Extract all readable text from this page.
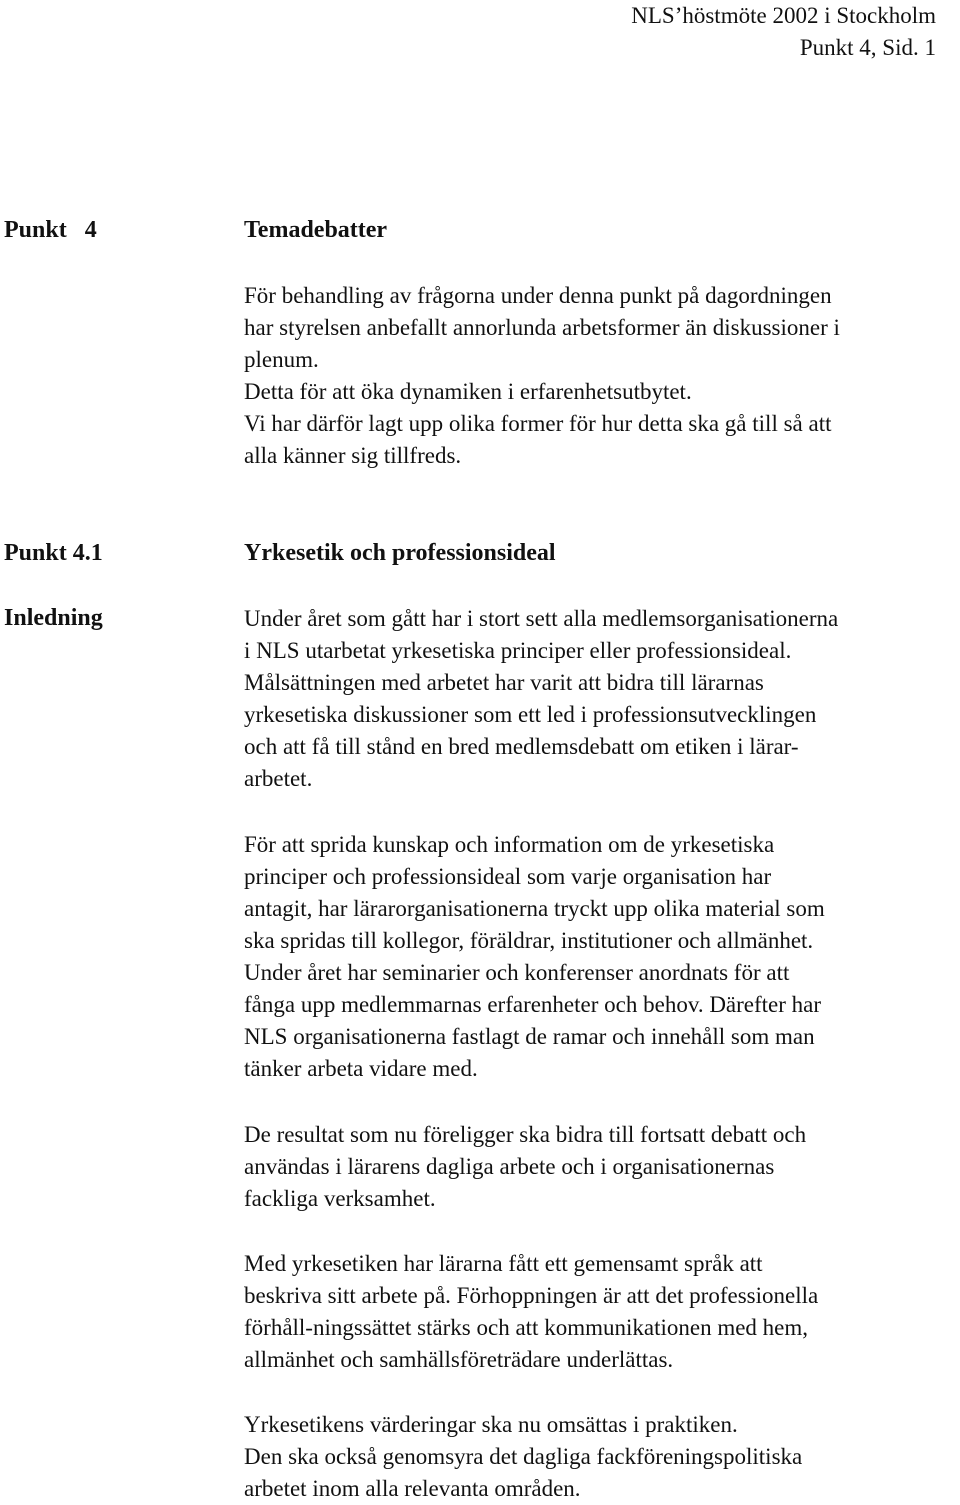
NLS’höstmöte 2002 i Stockholm
Punkt 4, Sid. 1
Punkt   4	Temadebatter
För behandling av frågorna under denna punkt på dagordningen
har styrelsen anbefallt annorlunda arbetsformer än diskussioner i
plenum.
Detta för att öka dynamiken i erfarenhetsutbytet.
Vi har därför lagt upp olika former för hur detta ska gå till så att
alla känner sig tillfreds.
Punkt 4.1	Yrkesetik och professionsideal
Inledning	Under året som gått har i stort sett alla medlemsorganisationerna
i NLS utarbetat yrkesetiska principer eller professionsideal.
Målsättningen med arbetet har varit att bidra till lärarnas
yrkesetiska diskussioner som ett led i professionsutvecklingen
och att få till stånd en bred medlemsdebatt om etiken i lärar-
arbetet.
För att sprida kunskap och information om de yrkesetiska
principer och professionsideal som varje organisation har
antagit, har lärarorganisationerna tryckt upp olika material som
ska spridas till kollegor, föräldrar, institutioner och allmänhet.
Under året har seminarier och konferenser anordnats för att
fånga upp medlemmarnas erfarenheter och behov. Därefter har
NLS organisationerna fastlagt de ramar och innehåll som man
tänker arbeta vidare med.
De resultat som nu föreligger ska bidra till fortsatt debatt och
användas i lärarens dagliga arbete och i organisationernas
fackliga verksamhet.
Med yrkesetiken har lärarna fått ett gemensamt språk att
beskriva sitt arbete på. Förhoppningen är att det professionella
förhåll-ningssättet stärks och att kommunikationen med hem,
allmänhet och samhällsföreträdare underlättas.
Yrkesetikens värderingar ska nu omsättas i praktiken.
Den ska också genomsyra det dagliga fackföreningspolitiska
arbetet inom alla relevanta områden.
